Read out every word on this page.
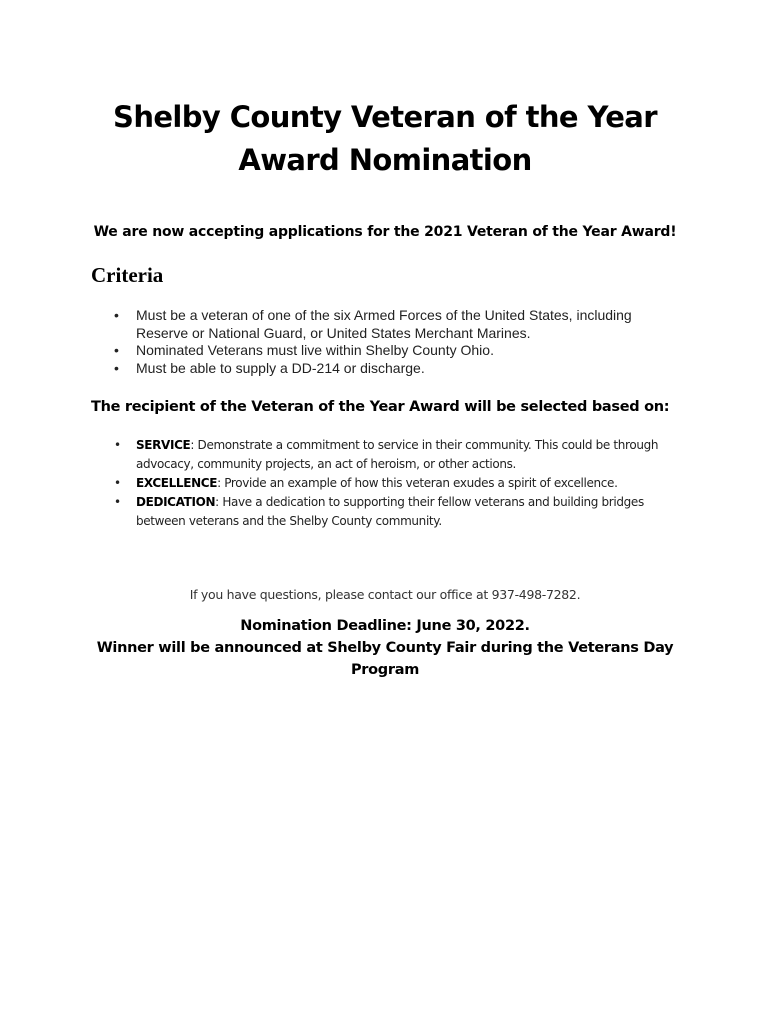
Shelby County Veteran of the Year Award Nomination

We are now accepting applications for the 2021 Veteran of the Year Award!

Criteria
• Must be a veteran of one of the six Armed Forces of the United States, including Reserve or National Guard, or United States Merchant Marines.
• Nominated Veterans must live within Shelby County Ohio.
• Must be able to supply a DD-214 or discharge.
The recipient of the Veteran of the Year Award will be selected based on:
• SERVICE: Demonstrate a commitment to service in their community. This could be through advocacy, community projects, an act of heroism, or other actions.
• EXCELLENCE: Provide an example of how this veteran exudes a spirit of excellence.
• DEDICATION: Have a dedication to supporting their fellow veterans and building bridges between veterans and the Shelby County community.

If you have questions, please contact our office at 937-498-7282.

Nomination Deadline: June 30, 2022.

Winner will be announced at Shelby County Fair during the Veterans Day Program
